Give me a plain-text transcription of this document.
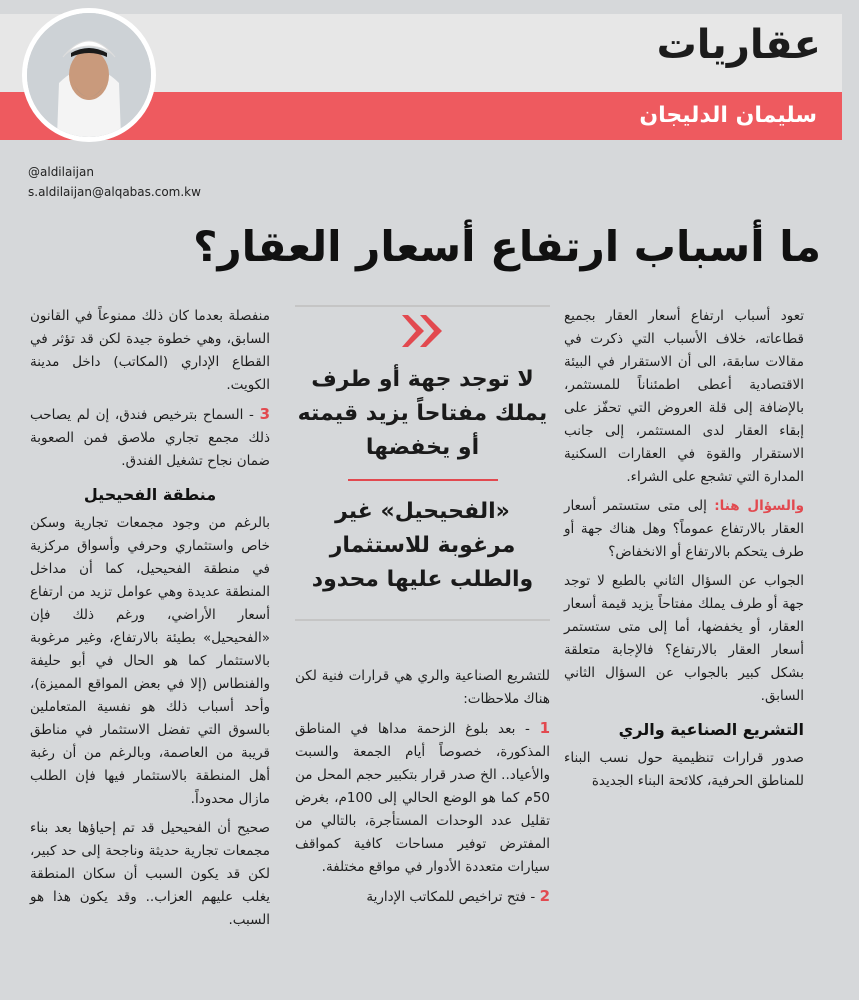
عقاريات
سليمان الدليجان
@aldilaijan
s.aldilaijan@alqabas.com.kw
ما أسباب ارتفاع أسعار العقار؟

تعود أسباب ارتفاع أسعار العقار بجميع قطاعاته، خلاف الأسباب التي ذكرت في مقالات سابقة، الى أن الاستقرار في البيئة الاقتصادية أعطى اطمئناناً للمستثمر، بالإضافة إلى قلة العروض التي تحفّز على إبقاء العقار لدى المستثمر، إلى جانب الاستقرار والقوة في العقارات السكنية المدارة التي تشجع على الشراء.

والسؤال هنا: إلى متى ستستمر أسعار العقار بالارتفاع عموماً؟ وهل هناك جهة أو طرف يتحكم بالارتفاع أو الانخفاض؟

الجواب عن السؤال الثاني بالطبع لا توجد جهة أو طرف يملك مفتاحاً يزيد قيمة أسعار العقار، أو يخفضها، أما إلى متى ستستمر أسعار العقار بالارتفاع؟ فالإجابة متعلقة بشكل كبير بالجواب عن السؤال الثاني السابق.

التشريع الصناعية والري

صدور قرارات تنظيمية حول نسب البناء للمناطق الحرفية، كلائحة البناء الجديدة

لا توجد جهة أو طرف يملك مفتاحاً يزيد قيمته أو يخفضها
«الفحيحيل» غير مرغوبة للاستثمار والطلب عليها محدود

للتشريع الصناعية والري هي قرارات فنية لكن هناك ملاحظات:

1 - بعد بلوغ الزحمة مداها في المناطق المذكورة، خصوصاً أيام الجمعة والسبت والأعياد.. الخ صدر قرار بتكبير حجم المحل من 50م كما هو الوضع الحالي إلى 100م، بغرض تقليل عدد الوحدات المستأجرة، بالتالي من المفترض توفير مساحات كافية كمواقف سيارات متعددة الأدوار في مواقع مختلفة.

2 - فتح تراخيص للمكاتب الإدارية

منفصلة بعدما كان ذلك ممنوعاً في القانون السابق، وهي خطوة جيدة لكن قد تؤثر في القطاع الإداري (المكاتب) داخل مدينة الكويت.

3 - السماح بترخيص فندق، إن لم يصاحب ذلك مجمع تجاري ملاصق فمن الصعوبة ضمان نجاح تشغيل الفندق.

منطقة الفحيحيل

بالرغم من وجود مجمعات تجارية وسكن خاص واستثماري وحرفي وأسواق مركزية في منطقة الفحيحيل، كما أن مداخل المنطقة عديدة وهي عوامل تزيد من ارتفاع أسعار الأراضي، ورغم ذلك فإن «الفحيحيل» بطيئة بالارتفاع، وغير مرغوبة بالاستثمار كما هو الحال في أبو حليفة والفنطاس (إلا في بعض المواقع المميزة)، وأحد أسباب ذلك هو نفسية المتعاملين بالسوق التي تفضل الاستثمار في مناطق قريبة من العاصمة، وبالرغم من أن رغبة أهل المنطقة بالاستثمار فيها فإن الطلب مازال محدوداً.

صحيح أن الفحيحيل قد تم إحياؤها بعد بناء مجمعات تجارية حديثة وناجحة إلى حد كبير، لكن قد يكون السبب أن سكان المنطقة يغلب عليهم العزاب.. وقد يكون هذا هو السبب.
